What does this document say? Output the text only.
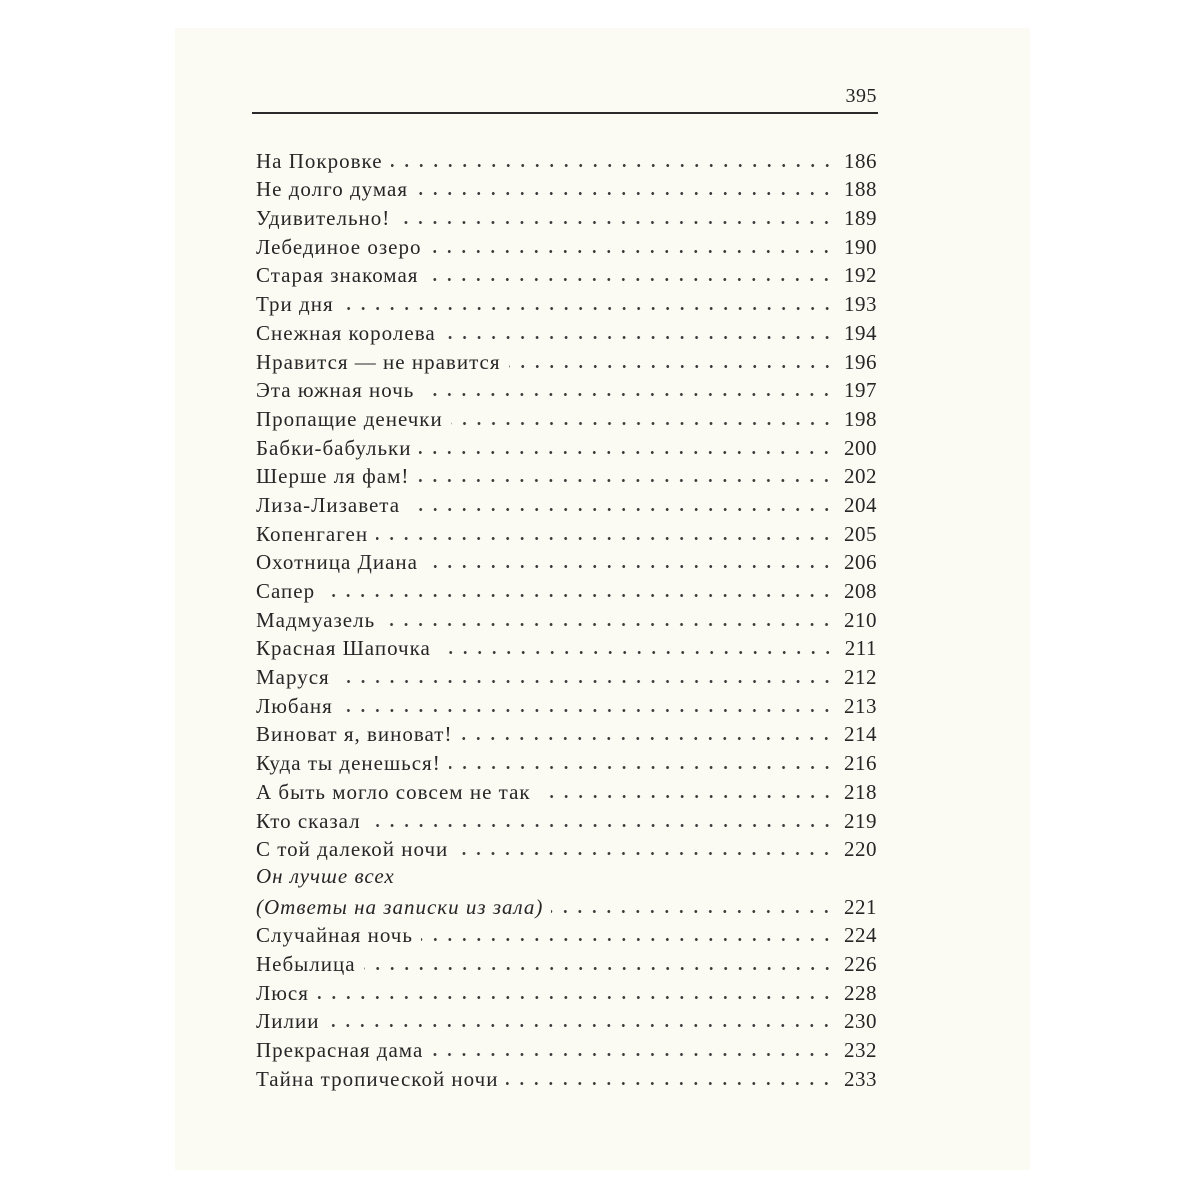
395
На Покровке	186
Не долго думая	188
Удивительно!	189
Лебединое озеро	190
Старая знакомая	192
Три дня	193
Снежная королева	194
Нравится — не нравится	196
Эта южная ночь	197
Пропащие денечки	198
Бабки-бабульки	200
Шерше ля фам!	202
Лиза-Лизавета	204
Копенгаген	205
Охотница Диана	206
Сапер	208
Мадмуазель	210
Красная Шапочка	211
Маруся	212
Любаня	213
Виноват я, виноват!	214
Куда ты денешься!	216
А быть могло совсем не так	218
Кто сказал	219
С той далекой ночи	220
Он лучше всех
(Ответы на записки из зала)	221
Случайная ночь	224
Небылица	226
Люся	228
Лилии	230
Прекрасная дама	232
Тайна тропической ночи	233
